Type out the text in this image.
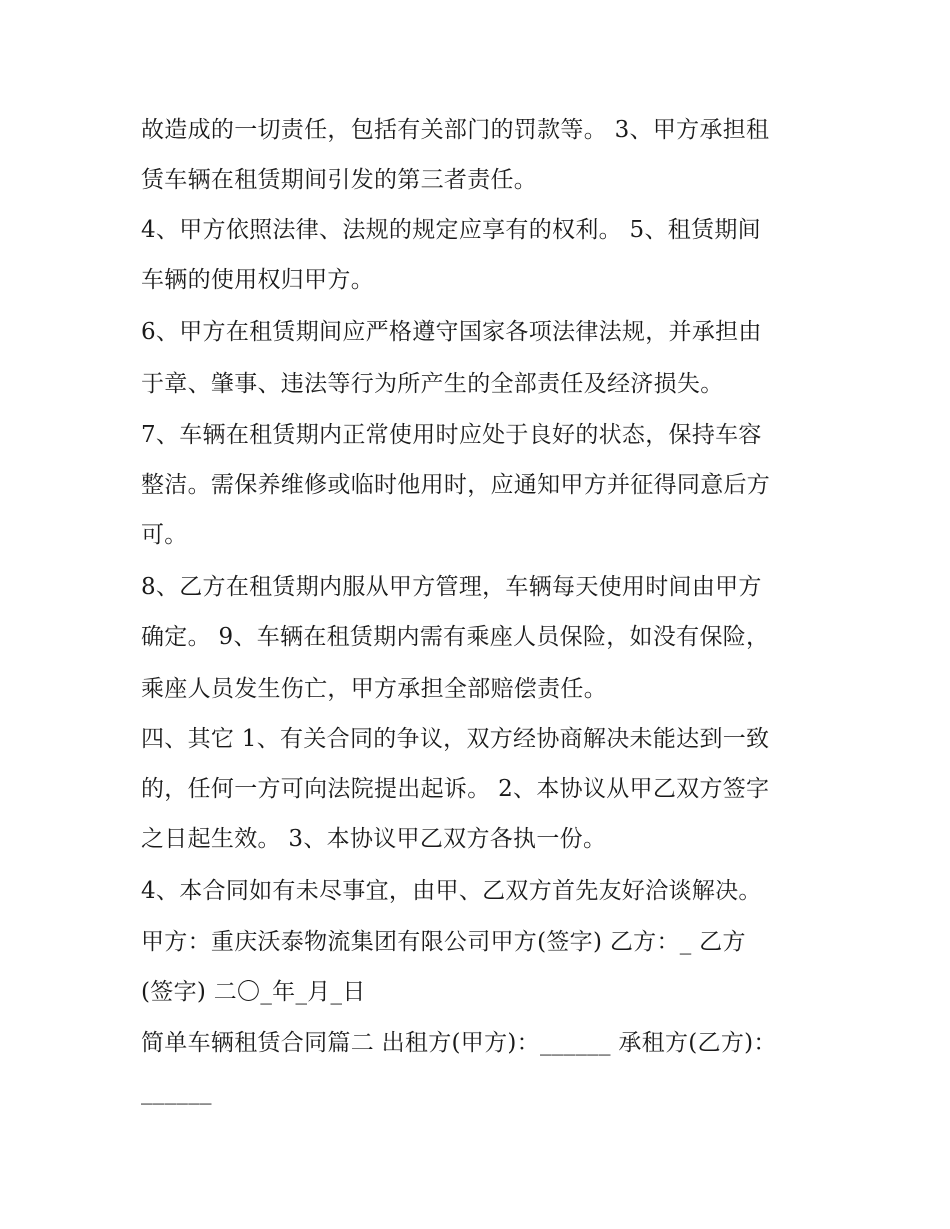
故造成的一切责任，包括有关部门的罚款等。 3、甲方承担租

赁车辆在租赁期间引发的第三者责任。

4、甲方依照法律、法规的规定应享有的权利。 5、租赁期间

车辆的使用权归甲方。

6、甲方在租赁期间应严格遵守国家各项法律法规，并承担由

于章、肇事、违法等行为所产生的全部责任及经济损失。

7、车辆在租赁期内正常使用时应处于良好的状态，保持车容

整洁。需保养维修或临时他用时，应通知甲方并征得同意后方

可。

8、乙方在租赁期内服从甲方管理，车辆每天使用时间由甲方

确定。 9、车辆在租赁期内需有乘座人员保险，如没有保险，

乘座人员发生伤亡，甲方承担全部赔偿责任。

四、其它 1、有关合同的争议，双方经协商解决未能达到一致

的，任何一方可向法院提出起诉。 2、本协议从甲乙双方签字

之日起生效。 3、本协议甲乙双方各执一份。

4、本合同如有未尽事宜，由甲、乙双方首先友好洽谈解决。

甲方：重庆沃泰物流集团有限公司甲方(签字) 乙方：_ 乙方

(签字) 二〇_年_月_日

简单车辆租赁合同篇二 出租方(甲方)：______ 承租方(乙方)：

______
